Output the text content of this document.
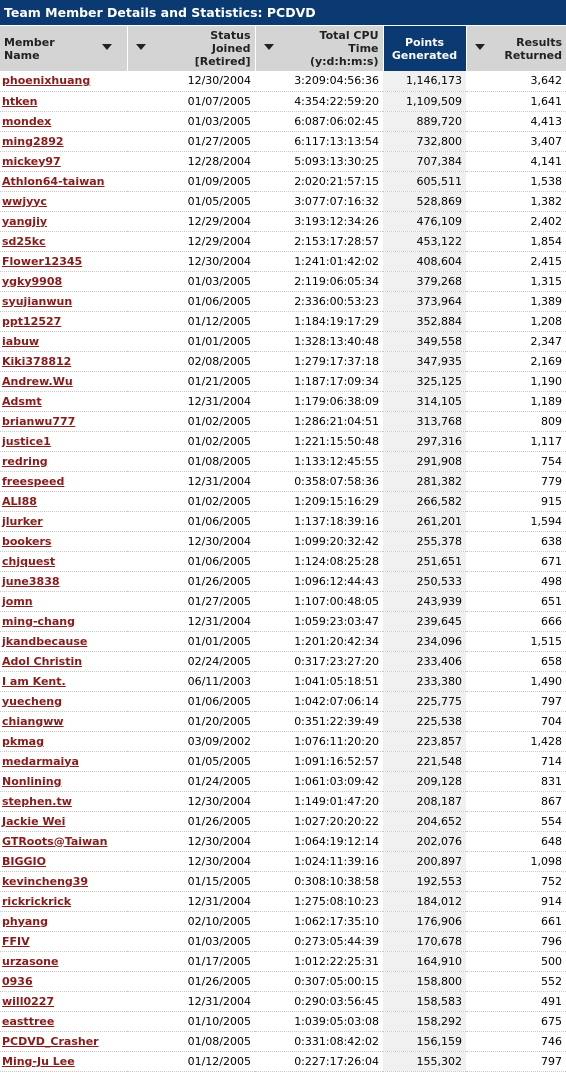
Team Member Details and Statistics: PCDVD
Member Name	Status Joined [Retired]	Total CPU Time (y:d:h:m:s)	Points Generated	Results Returned
phoenixhuang	12/30/2004	3:209:04:56:36	1,146,173	3,642
htken	01/07/2005	4:354:22:59:20	1,109,509	1,641
mondex	01/03/2005	6:087:06:02:45	889,720	4,413
ming2892	01/27/2005	6:117:13:13:54	732,800	3,407
mickey97	12/28/2004	5:093:13:30:25	707,384	4,141
Athlon64-taiwan	01/09/2005	2:020:21:57:15	605,511	1,538
wwjyyc	01/05/2005	3:077:07:16:32	528,869	1,382
yangjiy	12/29/2004	3:193:12:34:26	476,109	2,402
sd25kc	12/29/2004	2:153:17:28:57	453,122	1,854
Flower12345	12/30/2004	1:241:01:42:02	408,604	2,415
ygky9908	01/03/2005	2:119:06:05:34	379,268	1,315
syujianwun	01/06/2005	2:336:00:53:23	373,964	1,389
ppt12527	01/12/2005	1:184:19:17:29	352,884	1,208
iabuw	01/01/2005	1:328:13:40:48	349,558	2,347
Kiki378812	02/08/2005	1:279:17:37:18	347,935	2,169
Andrew.Wu	01/21/2005	1:187:17:09:34	325,125	1,190
Adsmt	12/31/2004	1:179:06:38:09	314,105	1,189
brianwu777	01/02/2005	1:286:21:04:51	313,768	809
justice1	01/02/2005	1:221:15:50:48	297,316	1,117
redring	01/08/2005	1:133:12:45:55	291,908	754
freespeed	12/31/2004	0:358:07:58:36	281,382	779
ALI88	01/02/2005	1:209:15:16:29	266,582	915
jlurker	01/06/2005	1:137:18:39:16	261,201	1,594
bookers	12/30/2004	1:099:20:32:42	255,378	638
chjquest	01/06/2005	1:124:08:25:28	251,651	671
june3838	01/26/2005	1:096:12:44:43	250,533	498
jomn	01/27/2005	1:107:00:48:05	243,939	651
ming-chang	12/31/2004	1:059:23:03:47	239,645	666
jkandbecause	01/01/2005	1:201:20:42:34	234,096	1,515
Adol Christin	02/24/2005	0:317:23:27:20	233,406	658
I am Kent.	06/11/2003	1:041:05:18:51	233,380	1,490
yuecheng	01/06/2005	1:042:07:06:14	225,775	797
chiangww	01/20/2005	0:351:22:39:49	225,538	704
pkmag	03/09/2002	1:076:11:20:20	223,857	1,428
medarmaiya	01/05/2005	1:091:16:52:57	221,548	714
Nonlining	01/24/2005	1:061:03:09:42	209,128	831
stephen.tw	12/30/2004	1:149:01:47:20	208,187	867
Jackie Wei	01/26/2005	1:027:20:20:22	204,652	554
GTRoots@Taiwan	12/30/2004	1:064:19:12:14	202,076	648
BIGGIO	12/30/2004	1:024:11:39:16	200,897	1,098
kevincheng39	01/15/2005	0:308:10:38:58	192,553	752
rickrickrick	12/31/2004	1:275:08:10:23	184,012	914
phyang	02/10/2005	1:062:17:35:10	176,906	661
FFIV	01/03/2005	0:273:05:44:39	170,678	796
urzasone	01/17/2005	1:012:22:25:31	164,910	500
0936	01/26/2005	0:307:05:00:15	158,800	552
will0227	12/31/2004	0:290:03:56:45	158,583	491
easttree	01/10/2005	1:039:05:03:08	158,292	675
PCDVD_Crasher	01/08/2005	0:331:08:42:02	156,159	746
Ming-Ju Lee	01/12/2005	0:227:17:26:04	155,302	797
